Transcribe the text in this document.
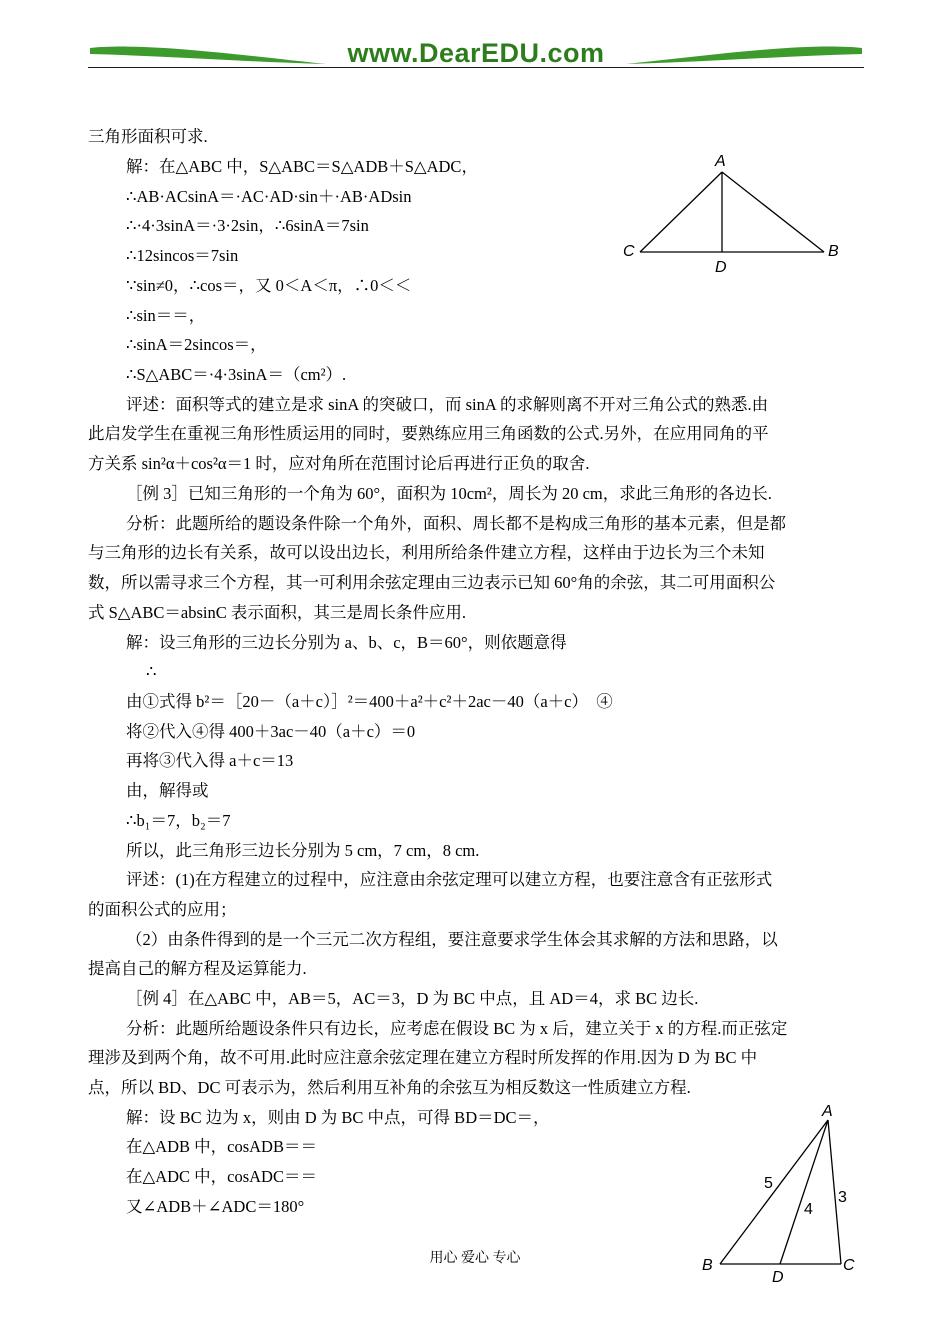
www.DearEDU.com
三角形面积可求.
解：在△ABC 中，S△ABC＝S△ADB＋S△ADC，
∴AB·ACsinA＝·AC·AD·sin＋·AB·ADsin
∴·4·3sinA＝·3·2sin，∴6sinA＝7sin
∴12sincos＝7sin
∵sin≠0，∴cos＝，又 0＜A＜π，∴0＜＜
∴sin＝＝，
∴sinA＝2sincos＝，
∴S△ABC＝·4·3sinA＝（cm²）.
评述：面积等式的建立是求 sinA 的突破口，而 sinA 的求解则离不开对三角公式的熟悉.由
此启发学生在重视三角形性质运用的同时，要熟练应用三角函数的公式.另外，在应用同角的平
方关系 sin²α＋cos²α＝1 时，应对角所在范围讨论后再进行正负的取舍.
［例 3］已知三角形的一个角为 60°，面积为 10cm²，周长为 20 cm，求此三角形的各边长.
分析：此题所给的题设条件除一个角外，面积、周长都不是构成三角形的基本元素，但是都
与三角形的边长有关系，故可以设出边长，利用所给条件建立方程，这样由于边长为三个未知
数，所以需寻求三个方程，其一可利用余弦定理由三边表示已知 60°角的余弦，其二可用面积公
式 S△ABC＝absinC 表示面积，其三是周长条件应用.
解：设三角形的三边长分别为 a、b、c，B＝60°，则依题意得
∴
由①式得 b²＝［20－（a＋c）］²＝400＋a²＋c²＋2ac－40（a＋c）　④
将②代入④得 400＋3ac－40（a＋c）＝0
再将③代入得 a＋c＝13
由，解得或
∴b₁＝7，b₂＝7
所以，此三角形三边长分别为 5 cm，7 cm，8 cm.
评述：(1)在方程建立的过程中，应注意由余弦定理可以建立方程，也要注意含有正弦形式
的面积公式的应用；
（2）由条件得到的是一个三元二次方程组，要注意要求学生体会其求解的方法和思路，以
提高自己的解方程及运算能力.
［例 4］在△ABC 中，AB＝5，AC＝3，D 为 BC 中点，且 AD＝4，求 BC 边长.
分析：此题所给题设条件只有边长，应考虑在假设 BC 为 x 后，建立关于 x 的方程.而正弦定
理涉及到两个角，故不可用.此时应注意余弦定理在建立方程时所发挥的作用.因为 D 为 BC 中
点，所以 BD、DC 可表示为，然后利用互补角的余弦互为相反数这一性质建立方程.
解：设 BC 边为 x，则由 D 为 BC 中点，可得 BD＝DC＝，
在△ADB 中，cosADB＝＝
在△ADC 中，cosADC＝＝
又∠ADB＋∠ADC＝180°
A
C
D
B
A
B
D
C
5
4
3
用心 爱心 专心
